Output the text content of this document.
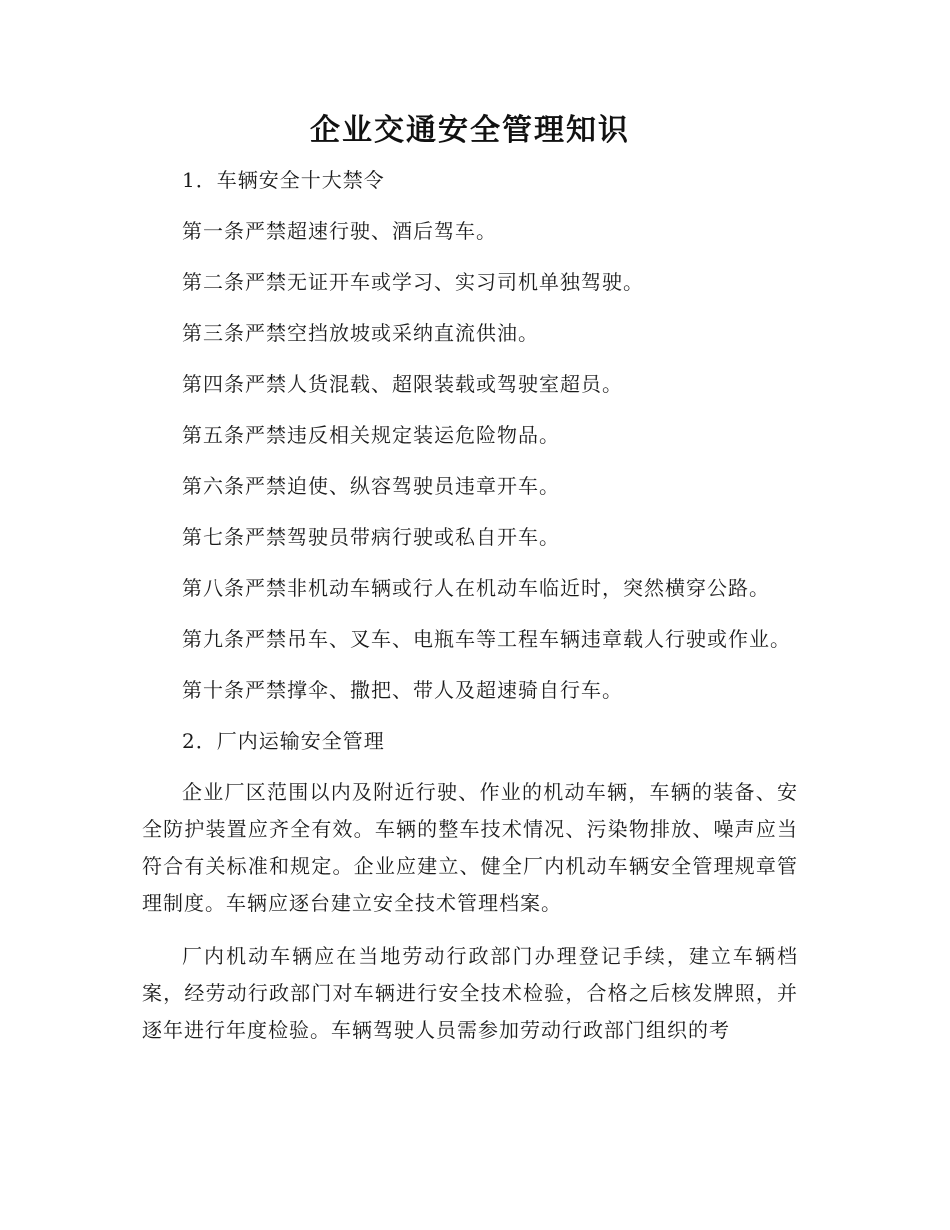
企业交通安全管理知识

1．车辆安全十大禁令

第一条严禁超速行驶、酒后驾车。

第二条严禁无证开车或学习、实习司机单独驾驶。

第三条严禁空挡放坡或采纳直流供油。

第四条严禁人货混载、超限装载或驾驶室超员。

第五条严禁违反相关规定装运危险物品。

第六条严禁迫使、纵容驾驶员违章开车。

第七条严禁驾驶员带病行驶或私自开车。

第八条严禁非机动车辆或行人在机动车临近时，突然横穿公路。

第九条严禁吊车、叉车、电瓶车等工程车辆违章载人行驶或作业。

第十条严禁撑伞、撒把、带人及超速骑自行车。

2．厂内运输安全管理

企业厂区范围以内及附近行驶、作业的机动车辆，车辆的装备、安全防护装置应齐全有效。车辆的整车技术情况、污染物排放、噪声应当符合有关标准和规定。企业应建立、健全厂内机动车辆安全管理规章管理制度。车辆应逐台建立安全技术管理档案。

厂内机动车辆应在当地劳动行政部门办理登记手续，建立车辆档案，经劳动行政部门对车辆进行安全技术检验，合格之后核发牌照，并逐年进行年度检验。车辆驾驶人员需参加劳动行政部门组织的考
